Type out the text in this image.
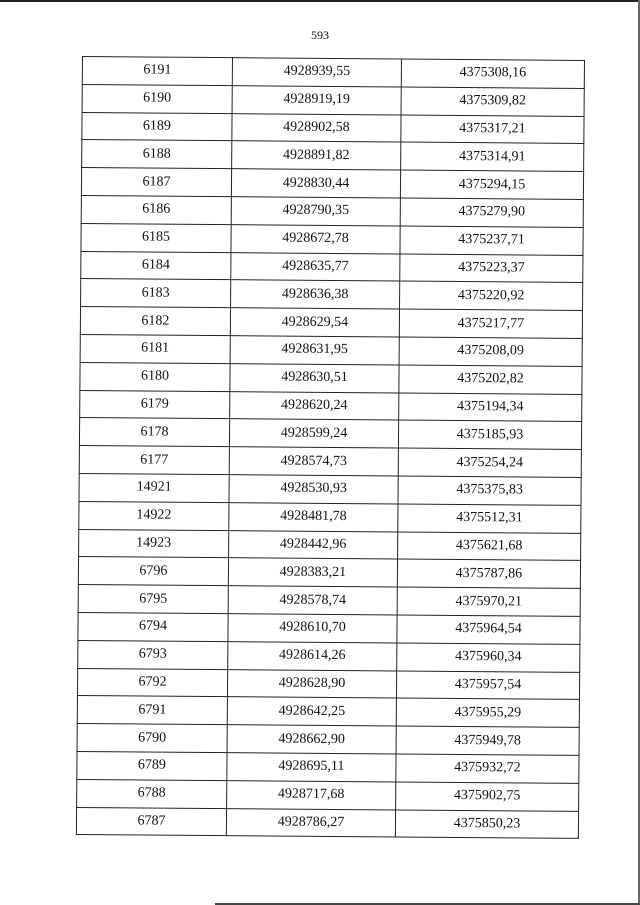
593
6191	4928939,55	4375308,16
6190	4928919,19	4375309,82
6189	4928902,58	4375317,21
6188	4928891,82	4375314,91
6187	4928830,44	4375294,15
6186	4928790,35	4375279,90
6185	4928672,78	4375237,71
6184	4928635,77	4375223,37
6183	4928636,38	4375220,92
6182	4928629,54	4375217,77
6181	4928631,95	4375208,09
6180	4928630,51	4375202,82
6179	4928620,24	4375194,34
6178	4928599,24	4375185,93
6177	4928574,73	4375254,24
14921	4928530,93	4375375,83
14922	4928481,78	4375512,31
14923	4928442,96	4375621,68
6796	4928383,21	4375787,86
6795	4928578,74	4375970,21
6794	4928610,70	4375964,54
6793	4928614,26	4375960,34
6792	4928628,90	4375957,54
6791	4928642,25	4375955,29
6790	4928662,90	4375949,78
6789	4928695,11	4375932,72
6788	4928717,68	4375902,75
6787	4928786,27	4375850,23
